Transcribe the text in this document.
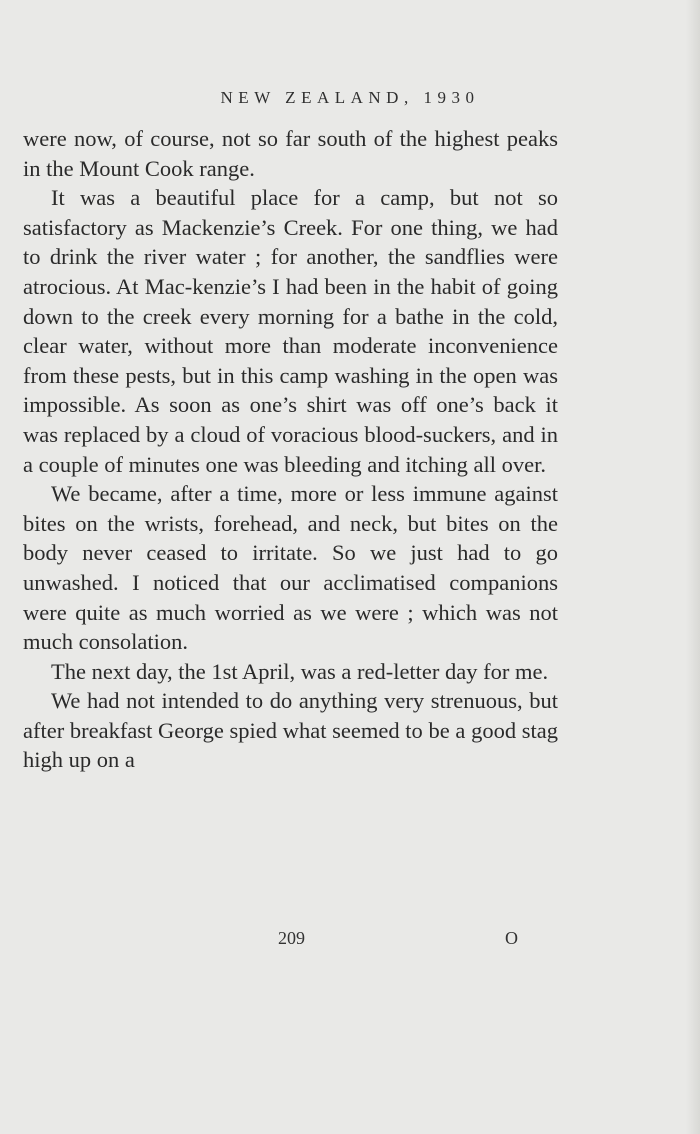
NEW ZEALAND, 1930

were now, of course, not so far south of the highest peaks in the Mount Cook range.

It was a beautiful place for a camp, but not so satisfactory as Mackenzie’s Creek. For one thing, we had to drink the river water ; for another, the sandflies were atrocious. At Mac-kenzie’s I had been in the habit of going down to the creek every morning for a bathe in the cold, clear water, without more than moderate inconvenience from these pests, but in this camp washing in the open was impossible. As soon as one’s shirt was off one’s back it was replaced by a cloud of voracious blood-suckers, and in a couple of minutes one was bleeding and itching all over.

We became, after a time, more or less immune against bites on the wrists, forehead, and neck, but bites on the body never ceased to irritate. So we just had to go unwashed. I noticed that our acclimatised companions were quite as much worried as we were ; which was not much consolation.

The next day, the 1st April, was a red-letter day for me.

We had not intended to do anything very strenuous, but after breakfast George spied what seemed to be a good stag high up on a

209	O
